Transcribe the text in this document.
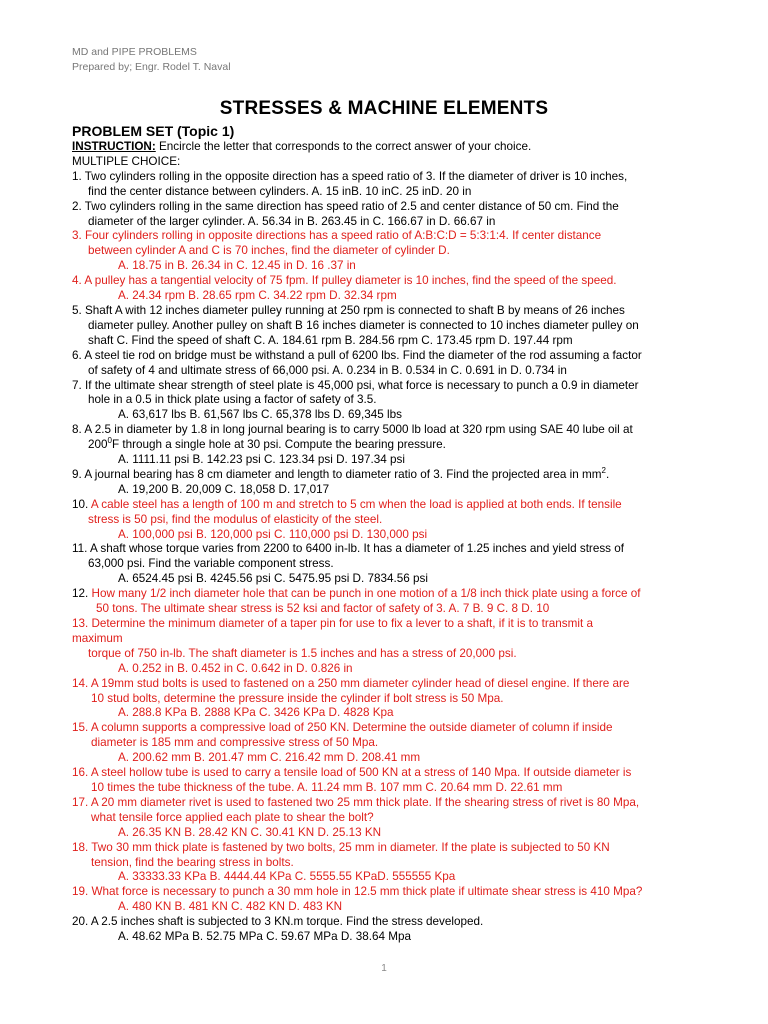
MD and PIPE PROBLEMS
Prepared by; Engr. Rodel T. Naval
STRESSES & MACHINE ELEMENTS
PROBLEM SET (Topic 1)
INSTRUCTION: Encircle the letter that corresponds to the correct answer of your choice.
MULTIPLE CHOICE:
1. Two cylinders rolling in the opposite direction has a speed ratio of 3. If the diameter of driver is 10 inches,
find the center distance between cylinders. A. 15 inB. 10 inC. 25 inD. 20 in
2. Two cylinders rolling in the same direction has speed ratio of 2.5 and center distance of 50 cm. Find the
diameter of the larger cylinder. A. 56.34 in B. 263.45 in C. 166.67 in D. 66.67 in
3. Four cylinders rolling in opposite directions has a speed ratio of A:B:C:D = 5:3:1:4. If center distance
between cylinder A and C is 70 inches, find the diameter of cylinder D.
A. 18.75 in B. 26.34 in C. 12.45 in D. 16 .37 in
4. A pulley has a tangential velocity of 75 fpm. If pulley diameter is 10 inches, find the speed of the speed.
A. 24.34 rpm B. 28.65 rpm C. 34.22 rpm D. 32.34 rpm
5. Shaft A with 12 inches diameter pulley running at 250 rpm is connected to shaft B by means of 26 inches
diameter pulley. Another pulley on shaft B 16 inches diameter is connected to 10 inches diameter pulley on
shaft C. Find the speed of shaft C. A. 184.61 rpm B. 284.56 rpm C. 173.45 rpm D. 197.44 rpm
6. A steel tie rod on bridge must be withstand a pull of 6200 lbs. Find the diameter of the rod assuming a factor
of safety of 4 and ultimate stress of 66,000 psi. A. 0.234 in B. 0.534 in C. 0.691 in D. 0.734 in
7. If the ultimate shear strength of steel plate is 45,000 psi, what force is necessary to punch a 0.9 in diameter
hole in a 0.5 in thick plate using a factor of safety of 3.5.
A. 63,617 lbs B. 61,567 lbs C. 65,378 lbs D. 69,345 lbs
8. A 2.5 in diameter by 1.8 in long journal bearing is to carry 5000 lb load at 320 rpm using SAE 40 lube oil at
$200^0F$ through a single hole at 30 psi. Compute the bearing pressure.
A. 1111.11 psi B. 142.23 psi C. 123.34 psi D. 197.34 psi
9. A journal bearing has 8 cm diameter and length to diameter ratio of 3. Find the projected area in $mm^2$.
A. 19,200 B. 20,009 C. 18,058 D. 17,017
10. A cable steel has a length of 100 m and stretch to 5 cm when the load is applied at both ends. If tensile
stress is 50 psi, find the modulus of elasticity of the steel.
A. 100,000 psi B. 120,000 psi C. 110,000 psi D. 130,000 psi
11. A shaft whose torque varies from 2200 to 6400 in-lb. It has a diameter of 1.25 inches and yield stress of
63,000 psi. Find the variable component stress.
A. 6524.45 psi B. 4245.56 psi C. 5475.95 psi D. 7834.56 psi
12. How many 1/2 inch diameter hole that can be punch in one motion of a 1/8 inch thick plate using a force of
50 tons. The ultimate shear stress is 52 ksi and factor of safety of 3. A. 7 B. 9 C. 8 D. 10
13. Determine the minimum diameter of a taper pin for use to fix a lever to a shaft, if it is to transmit a
maximum
torque of 750 in-lb. The shaft diameter is 1.5 inches and has a stress of 20,000 psi.
A. 0.252 in B. 0.452 in C. 0.642 in D. 0.826 in
14. A 19mm stud bolts is used to fastened on a 250 mm diameter cylinder head of diesel engine. If there are
10 stud bolts, determine the pressure inside the cylinder if bolt stress is 50 Mpa.
A. 288.8 KPa B. 2888 KPa C. 3426 KPa D. 4828 Kpa
15. A column supports a compressive load of 250 KN. Determine the outside diameter of column if inside
diameter is 185 mm and compressive stress of 50 Mpa.
A. 200.62 mm B. 201.47 mm C. 216.42 mm D. 208.41 mm
16. A steel hollow tube is used to carry a tensile load of 500 KN at a stress of 140 Mpa. If outside diameter is
10 times the tube thickness of the tube. A. 11.24 mm B. 107 mm C. 20.64 mm D. 22.61 mm
17. A 20 mm diameter rivet is used to fastened two 25 mm thick plate. If the shearing stress of rivet is 80 Mpa,
what tensile force applied each plate to shear the bolt?
A. 26.35 KN B. 28.42 KN C. 30.41 KN D. 25.13 KN
18. Two 30 mm thick plate is fastened by two bolts, 25 mm in diameter. If the plate is subjected to 50 KN
tension, find the bearing stress in bolts.
A. 33333.33 KPa B. 4444.44 KPa C. 5555.55 KPaD. 555555 Kpa
19. What force is necessary to punch a 30 mm hole in 12.5 mm thick plate if ultimate shear stress is 410 Mpa?
A. 480 KN B. 481 KN C. 482 KN D. 483 KN
20. A 2.5 inches shaft is subjected to 3 KN.m torque. Find the stress developed.
A. 48.62 MPa B. 52.75 MPa C. 59.67 MPa D. 38.64 Mpa
1
